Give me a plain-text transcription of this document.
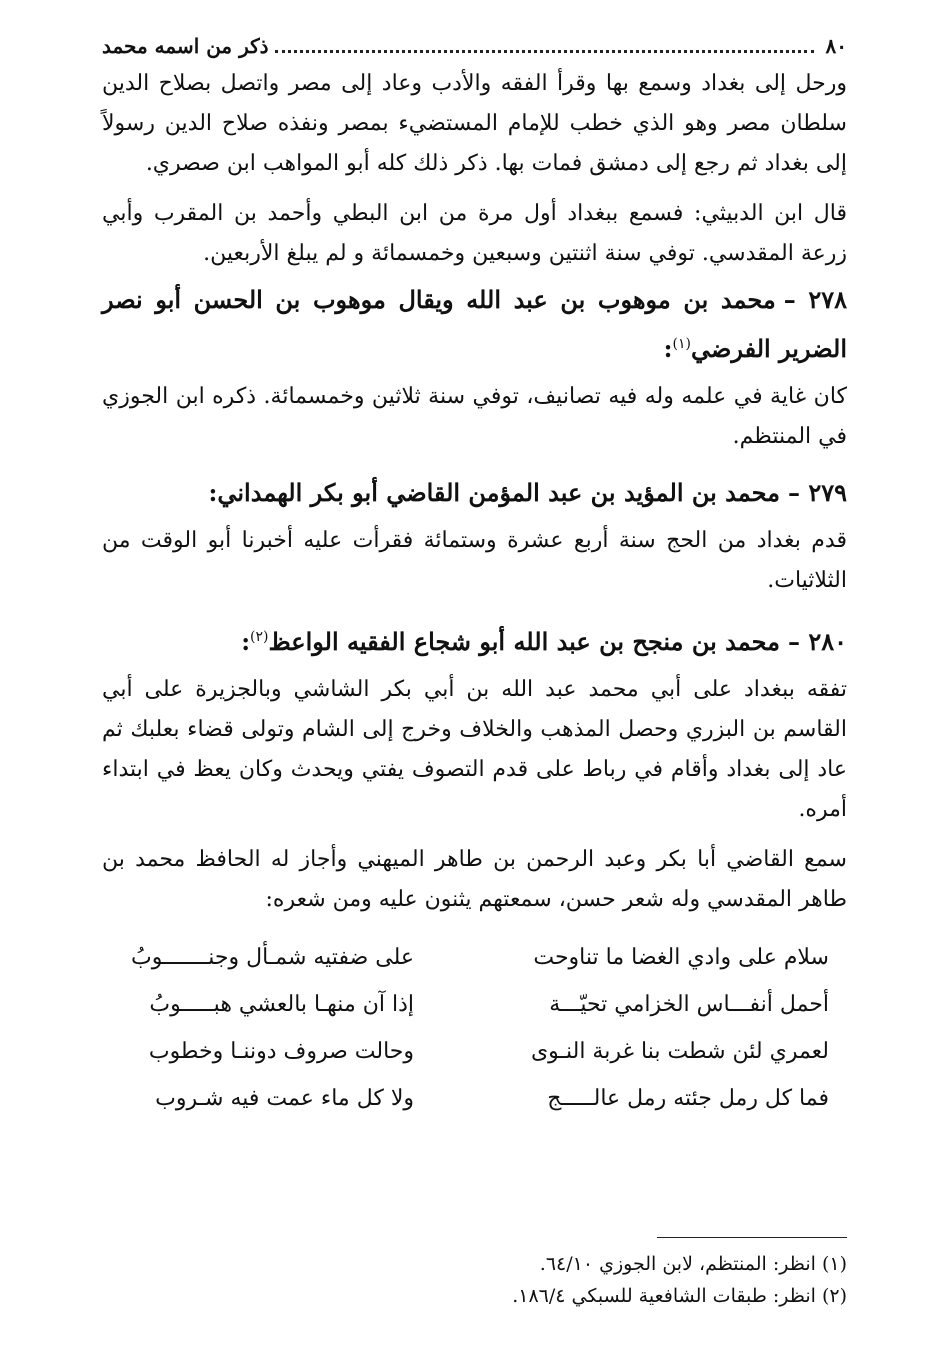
٨٠
ذكر من اسمه محمد

ورحل إلى بغداد وسمع بها وقرأ الفقه والأدب وعاد إلى مصر واتصل بصلاح الدين سلطان مصر وهو الذي خطب للإمام المستضيء بمصر ونفذه صلاح الدين رسولاً إلى بغداد ثم رجع إلى دمشق فمات بها. ذكر ذلك كله أبو المواهب ابن صصري.

قال ابن الدبيثي: فسمع ببغداد أول مرة من ابن البطي وأحمد بن المقرب وأبي زرعة المقدسي. توفي سنة اثنتين وسبعين وخمسمائة و لم يبلغ الأربعين.

٢٧٨ –محمد بن موهوب بن عبد الله ويقال موهوب بن الحسن أبو نصر الضرير الفرضي$^{(١)}$:

كان غاية في علمه وله فيه تصانيف، توفي سنة ثلاثين وخمسمائة. ذكره ابن الجوزي في المنتظم.

٢٧٩ –محمد بن المؤيد بن عبد المؤمن القاضي أبو بكر الهمداني:

قدم بغداد من الحج سنة أربع عشرة وستمائة فقرأت عليه أخبرنا أبو الوقت من الثلاثيات.

٢٨٠ –محمد بن منجح بن عبد الله أبو شجاع الفقيه الواعظ$^{(٢)}$:

تفقه ببغداد على أبي محمد عبد الله بن أبي بكر الشاشي وبالجزيرة على أبي القاسم بن البزري وحصل المذهب والخلاف وخرج إلى الشام وتولى قضاء بعلبك ثم عاد إلى بغداد وأقام في رباط على قدم التصوف يفتي ويحدث وكان يعظ في ابتداء أمره.

سمع القاضي أبا بكر وعبد الرحمن بن طاهر الميهني وأجاز له الحافظ محمد بن طاهر المقدسي وله شعر حسن، سمعتهم يثنون عليه ومن شعره:

سلام على وادي الغضا ما تناوحت
على ضفتيه شمـأل وجنـــــــوبُ
أحمل أنفـــاس الخزامي تحيّـــة
إذا آن منهـا بالعشي هبـــــوبُ
لعمري لئن شطت بنا غربة النـوى
وحالت صروف دوننـا وخطوب
فما كل رمل جئته رمل عالـــــج
ولا كل ماء عمت فيه شـروب
(١) انظر: المنتظم، لابن الجوزي ٦٤/١٠.
(٢) انظر: طبقات الشافعية للسبكي ١٨٦/٤.
